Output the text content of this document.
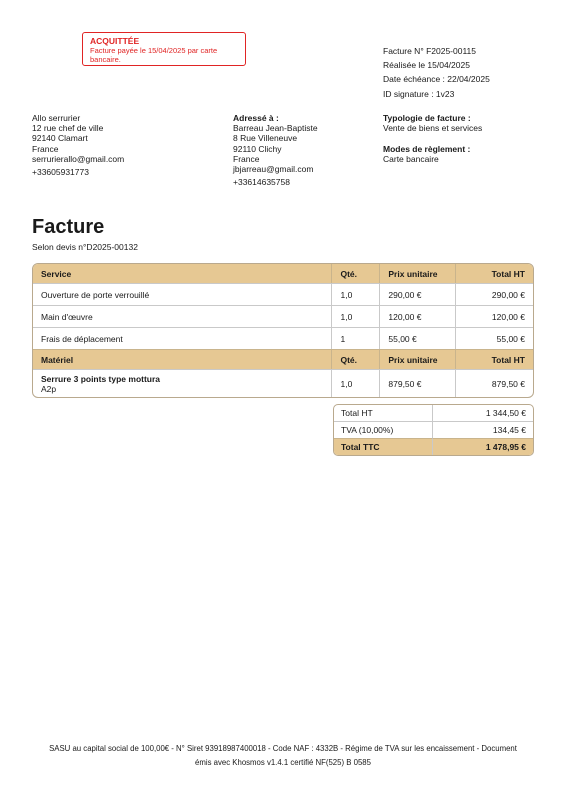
ACQUITTÉE
Facture payée le 15/04/2025 par carte bancaire.
Facture N° F2025-00115
Réalisée le 15/04/2025
Date échéance : 22/04/2025
ID signature : 1v23
Allo serrurier
12 rue chef de ville
92140 Clamart
France
serrurierallo@gmail.com
+33605931773
Adressé à :
Barreau Jean-Baptiste
8 Rue Villeneuve
92110 Clichy
France
jbjarreau@gmail.com
+33614635758
Typologie de facture :
Vente de biens et services
Modes de règlement :
Carte bancaire
Facture
Selon devis n°D2025-00132
Service	Qté.	Prix unitaire	Total HT
Ouverture de porte verrouillé	1,0	290,00 €	290,00 €
Main d'œuvre	1,0	120,00 €	120,00 €
Frais de déplacement	1	55,00 €	55,00 €
Matériel	Qté.	Prix unitaire	Total HT

Serrure 3 points type mottura
A2p	1,0	879,50 €	879,50 €
Total HT	1 344,50 €
TVA (10,00%)	134,45 €
Total TTC	1 478,95 €
SASU au capital social de 100,00€ - N° Siret 93918987400018 - Code NAF : 4332B - Régime de TVA sur les encaissement - Document
émis avec Khosmos v1.4.1 certifié NF(525) B 0585
